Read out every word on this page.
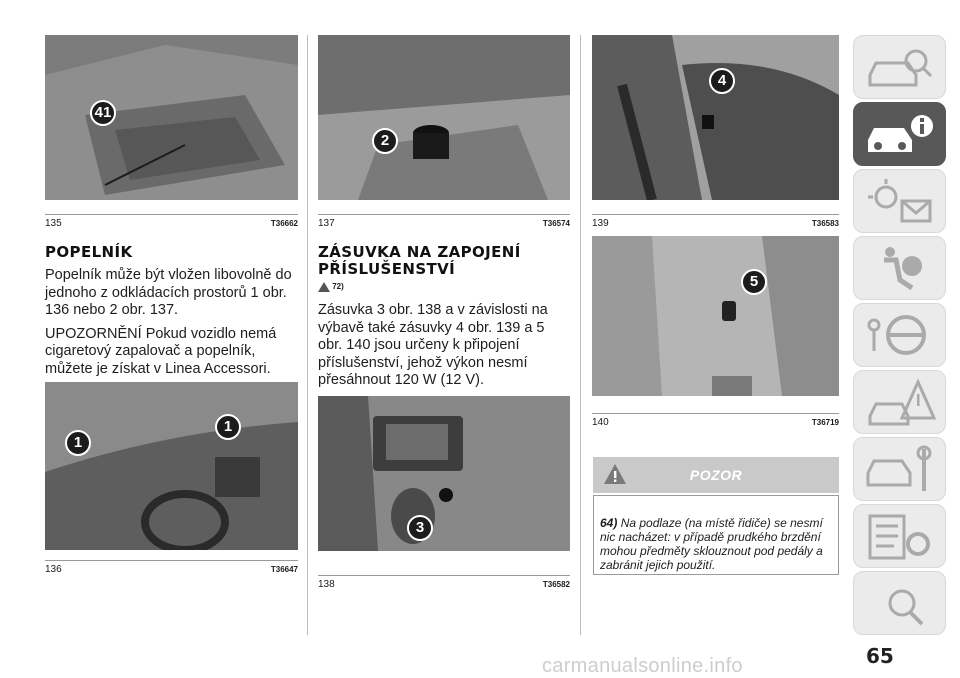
41
135	T36662
POPELNÍK

Popelník může být vložen libovolně do jednoho z odkládacích prostorů 1 obr. 136 nebo 2 obr. 137.

UPOZORNĚNÍ Pokud vozidlo nemá cigaretový zapalovač a popelník, můžete je získat v Linea Accessori.

1
1
136	T36647
2
137	T36574
ZÁSUVKA NA ZAPOJENÍ PŘÍSLUŠENSTVÍ
72)

Zásuvka 3 obr. 138 a v závislosti na výbavě také zásuvky 4 obr. 139 a 5 obr. 140 jsou určeny k připojení příslušenství, jehož výkon nesmí přesáhnout 120 W (12 V).

3
138	T36582
4
139	T36583
5
140	T36719
POZOR
64) Na podlaze (na místě řidiče) se nesmí nic nacházet: v případě prudkého brzdění mohou předměty sklouznout pod pedály a zabránit jejich použití.
65
carmanualsonline.info
